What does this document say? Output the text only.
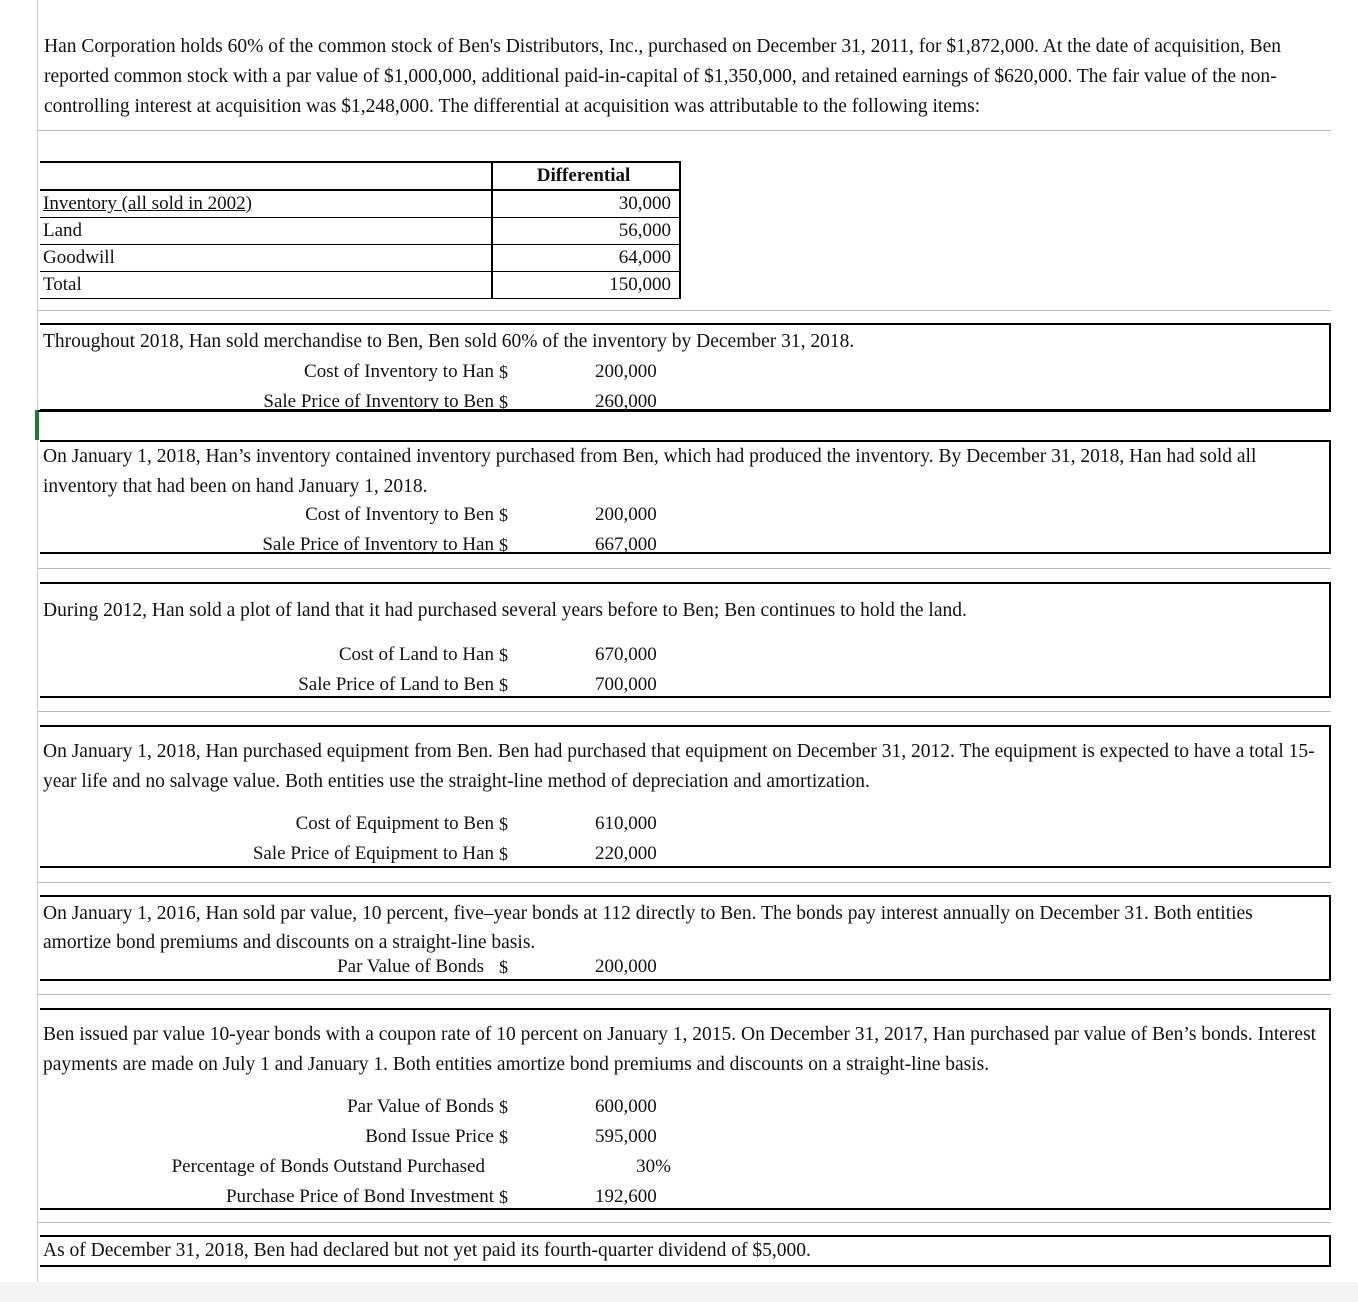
Han Corporation holds 60% of the common stock of Ben's Distributors, Inc., purchased on December 31, 2011, for $1,872,000. At the date of acquisition, Ben reported common stock with a par value of $1,000,000, additional paid-in-capital of $1,350,000, and retained earnings of $620,000. The fair value of the non-controlling interest at acquisition was $1,248,000. The differential at acquisition was attributable to the following items:
	Differential
Inventory (all sold in 2002)	30,000
Land	56,000
Goodwill	64,000
Total	150,000
Throughout 2018, Han sold merchandise to Ben, Ben sold 60% of the inventory by December 31, 2018.
Cost of Inventory to Han $	200,000
Sale Price of Inventory to Ben $	260,000
On January 1, 2018, Han’s inventory contained inventory purchased from Ben, which had produced the inventory. By December 31, 2018, Han had sold all inventory that had been on hand January 1, 2018.
Cost of Inventory to Ben $	200,000
Sale Price of Inventory to Han $	667,000
During 2012, Han sold a plot of land that it had purchased several years before to Ben; Ben continues to hold the land.
Cost of Land to Han $	670,000
Sale Price of Land to Ben $	700,000
On January 1, 2018, Han purchased equipment from Ben. Ben had purchased that equipment on December 31, 2012. The equipment is expected to have a total 15-year life and no salvage value. Both entities use the straight-line method of depreciation and amortization.
Cost of Equipment to Ben $	610,000
Sale Price of Equipment to Han $	220,000
On January 1, 2016, Han sold par value, 10 percent, five–year bonds at 112 directly to Ben. The bonds pay interest annually on December 31. Both entities amortize bond premiums and discounts on a straight-line basis.
Par Value of Bonds $	200,000
Ben issued par value 10-year bonds with a coupon rate of 10 percent on January 1, 2015. On December 31, 2017, Han purchased par value of Ben’s bonds. Interest payments are made on July 1 and January 1. Both entities amortize bond premiums and discounts on a straight-line basis.
Par Value of Bonds $	600,000
Bond Issue Price $	595,000
Percentage of Bonds Outstand Purchased	30%
Purchase Price of Bond Investment $	192,600
As of December 31, 2018, Ben had declared but not yet paid its fourth-quarter dividend of $5,000.
